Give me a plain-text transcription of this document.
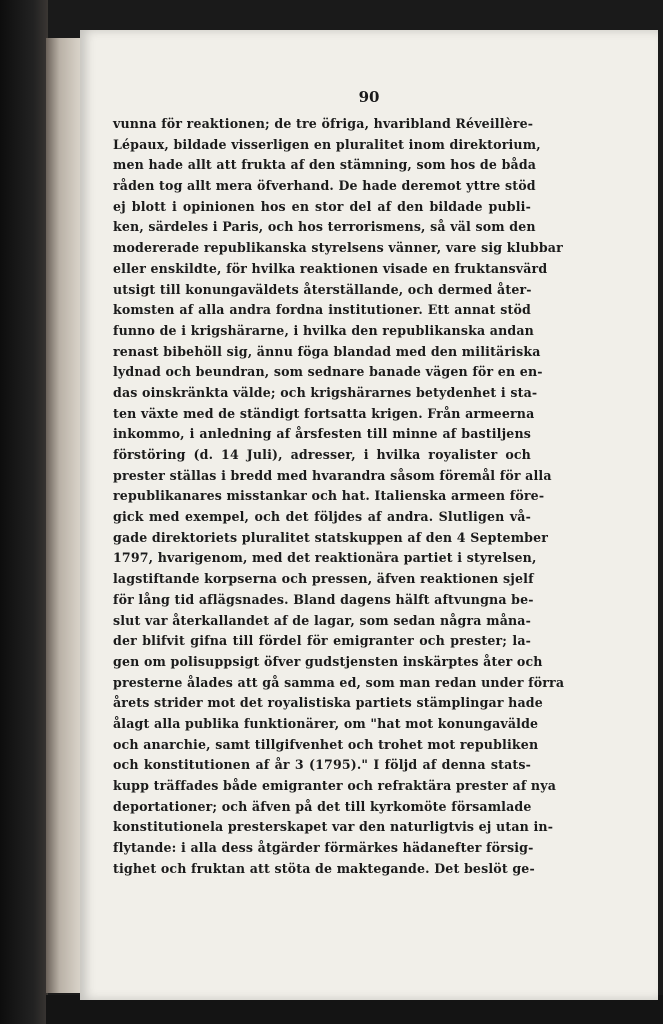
90
vunna för reaktionen; de tre öfriga, hvaribland Réveillère-
Lépaux, bildade visserligen en pluralitet inom direktorium,
men hade allt att frukta af den stämning, som hos de båda
råden tog allt mera öfverhand. De hade deremot yttre stöd
ej blott i opinionen hos en stor del af den bildade publi-
ken, särdeles i Paris, och hos terrorismens, så väl som den
modererade republikanska styrelsens vänner, vare sig klubbar
eller enskildte, för hvilka reaktionen visade en fruktansvärd
utsigt till konungaväldets återställande, och dermed åter-
komsten af alla andra fordna institutioner. Ett annat stöd
funno de i krigshärarne, i hvilka den republikanska andan
renast bibehöll sig, ännu föga blandad med den militäriska
lydnad och beundran, som sednare banade vägen för en en-
das oinskränkta välde; och krigshärarnes betydenhet i sta-
ten växte med de ständigt fortsatta krigen. Från armeerna
inkommo, i anledning af årsfesten till minne af bastiljens
förstöring (d. 14 Juli), adresser, i hvilka royalister och
prester ställas i bredd med hvarandra såsom föremål för alla
republikanares misstankar och hat. Italienska armeen före-
gick med exempel, och det följdes af andra. Slutligen vå-
gade direktoriets pluralitet statskuppen af den 4 September
1797, hvarigenom, med det reaktionära partiet i styrelsen,
lagstiftande korpserna och pressen, äfven reaktionen sjelf
för lång tid aflägsnades. Bland dagens hälft aftvungna be-
slut var återkallandet af de lagar, som sedan några måna-
der blifvit gifna till fördel för emigranter och prester; la-
gen om polisuppsigt öfver gudstjensten inskärptes åter och
presterne ålades att gå samma ed, som man redan under förra
årets strider mot det royalistiska partiets stämplingar hade
ålagt alla publika funktionärer, om "hat mot konungavälde
och anarchie, samt tillgifvenhet och trohet mot republiken
och konstitutionen af år 3 (1795)." I följd af denna stats-
kupp träffades både emigranter och refraktära prester af nya
deportationer; och äfven på det till kyrkomöte församlade
konstitutionela presterskapet var den naturligtvis ej utan in-
flytande: i alla dess åtgärder förmärkes hädanefter försig-
tighet och fruktan att stöta de maktegande. Det beslöt ge-
